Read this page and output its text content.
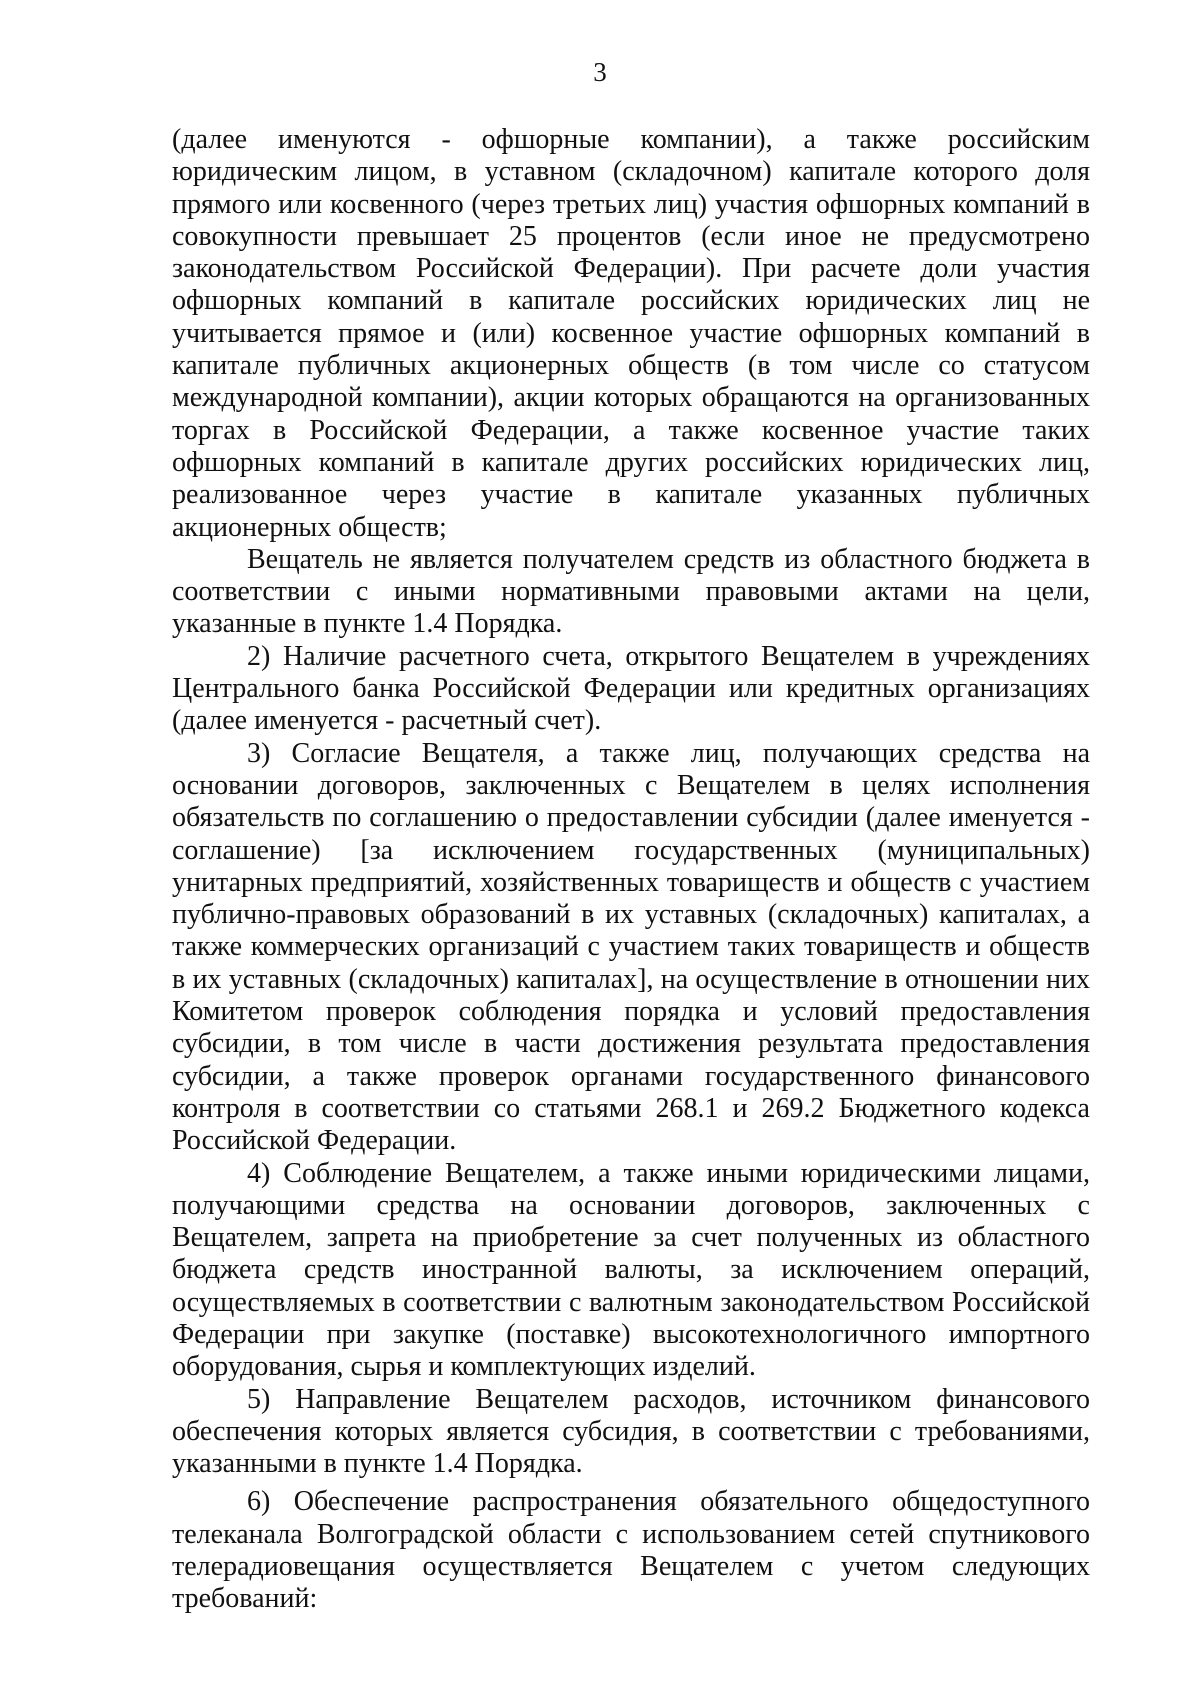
3

(далее именуются - офшорные компании), а также российским юридическим лицом, в уставном (складочном) капитале которого доля прямого или косвенного (через третьих лиц) участия офшорных компаний в совокупности превышает 25 процентов (если иное не предусмотрено законодательством Российской Федерации). При расчете доли участия офшорных компаний в капитале российских юридических лиц не учитывается прямое и (или) косвенное участие офшорных компаний в капитале публичных акционерных обществ (в том числе со статусом международной компании), акции которых обращаются на организованных торгах в Российской Федерации, а также косвенное участие таких офшорных компаний в капитале других российских юридических лиц, реализованное через участие в капитале указанных публичных акционерных обществ;

Вещатель не является получателем средств из областного бюджета в соответствии с иными нормативными правовыми актами на цели, указанные в пункте 1.4 Порядка.

2) Наличие расчетного счета, открытого Вещателем в учреждениях Центрального банка Российской Федерации или кредитных организациях (далее именуется - расчетный счет).

3) Согласие Вещателя, а также лиц, получающих средства на основании договоров, заключенных с Вещателем в целях исполнения обязательств по соглашению о предоставлении субсидии (далее именуется - соглашение) [за исключением государственных (муниципальных) унитарных предприятий, хозяйственных товариществ и обществ с участием публично-правовых образований в их уставных (складочных) капиталах, а также коммерческих организаций с участием таких товариществ и обществ в их уставных (складочных) капиталах], на осуществление в отношении них Комитетом проверок соблюдения порядка и условий предоставления субсидии, в том числе в части достижения результата предоставления субсидии, а также проверок органами государственного финансового контроля в соответствии со статьями 268.1 и 269.2 Бюджетного кодекса Российской Федерации.

4) Соблюдение Вещателем, а также иными юридическими лицами, получающими средства на основании договоров, заключенных с Вещателем, запрета на приобретение за счет полученных из областного бюджета средств иностранной валюты, за исключением операций, осуществляемых в соответствии с валютным законодательством Российской Федерации при закупке (поставке) высокотехнологичного импортного оборудования, сырья и комплектующих изделий.

5) Направление Вещателем расходов, источником финансового обеспечения которых является субсидия, в соответствии с требованиями, указанными в пункте 1.4 Порядка.

6) Обеспечение распространения обязательного общедоступного телеканала Волгоградской области с использованием сетей спутникового телерадиовещания осуществляется Вещателем с учетом следующих требований:
